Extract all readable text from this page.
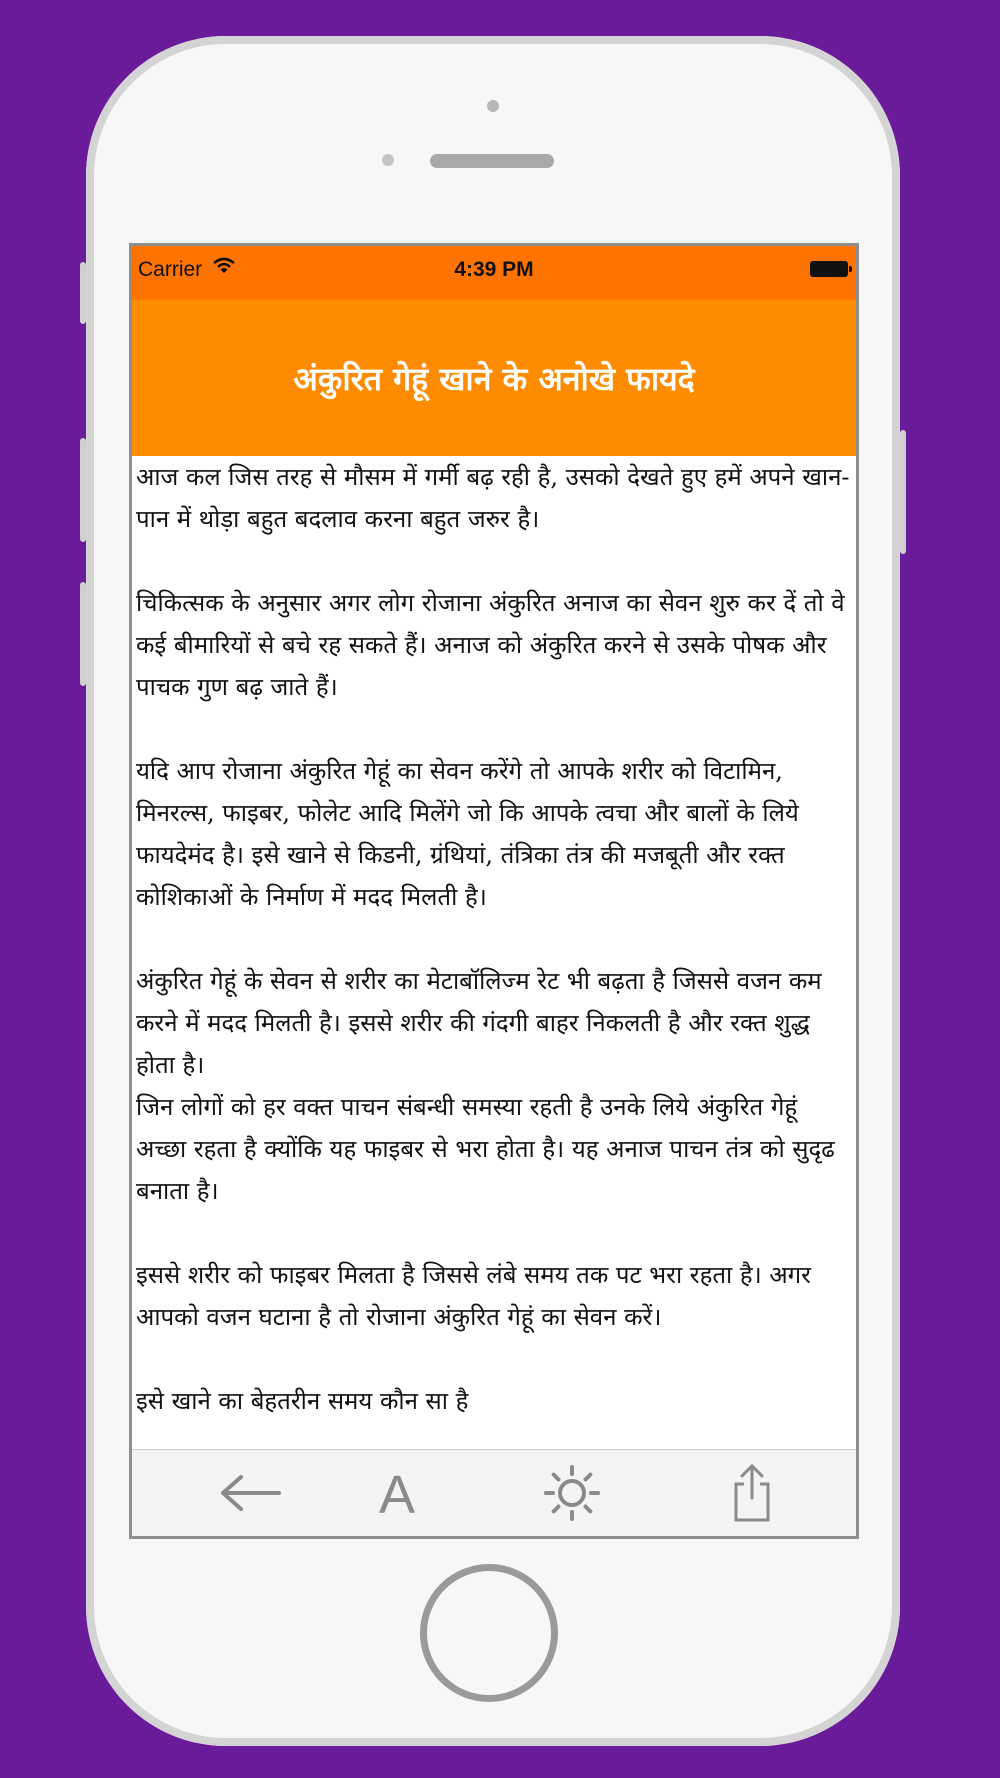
Carrier	4:39 PM
अंकुरित गेहूं खाने के अनोखे फायदे

आज कल जिस तरह से मौसम में गर्मी बढ़ रही है, उसको देखते हुए हमें अपने खान-पान में थोड़ा बहुत बदलाव करना बहुत जरुर है।

चिकित्सक के अनुसार अगर लोग रोजाना अंकुरित अनाज का सेवन शुरु कर दें तो वे कई बीमारियों से बचे रह सकते हैं। अनाज को अंकुरित करने से उसके पोषक और पाचक गुण बढ़ जाते हैं।

यदि आप रोजाना अंकुरित गेहूं का सेवन करेंगे तो आपके शरीर को विटामिन, मिनरल्स, फाइबर, फोलेट आदि मिलेंगे जो कि आपके त्वचा और बालों के लिये फायदेमंद है। इसे खाने से किडनी, ग्रंथियां, तंत्रिका तंत्र की मजबूती और रक्त कोशिकाओं के निर्माण में मदद मिलती है।

अंकुरित गेहूं के सेवन से शरीर का मेटाबॉलिज्म रेट भी बढ़ता है जिससे वजन कम करने में मदद मिलती है। इससे शरीर की गंदगी बाहर निकलती है और रक्त शुद्ध होता है।

जिन लोगों को हर वक्त पाचन संबन्धी समस्या रहती है उनके लिये अंकुरित गेहूं अच्छा रहता है क्योंकि यह फाइबर से भरा होता है। यह अनाज पाचन तंत्र को सुदृढ बनाता है।

इससे शरीर को फाइबर मिलता है जिससे लंबे समय तक पट भरा रहता है। अगर आपको वजन घटाना है तो रोजाना अंकुरित गेहूं का सेवन करें।

इसे खाने का बेहतरीन समय कौन सा है

A
